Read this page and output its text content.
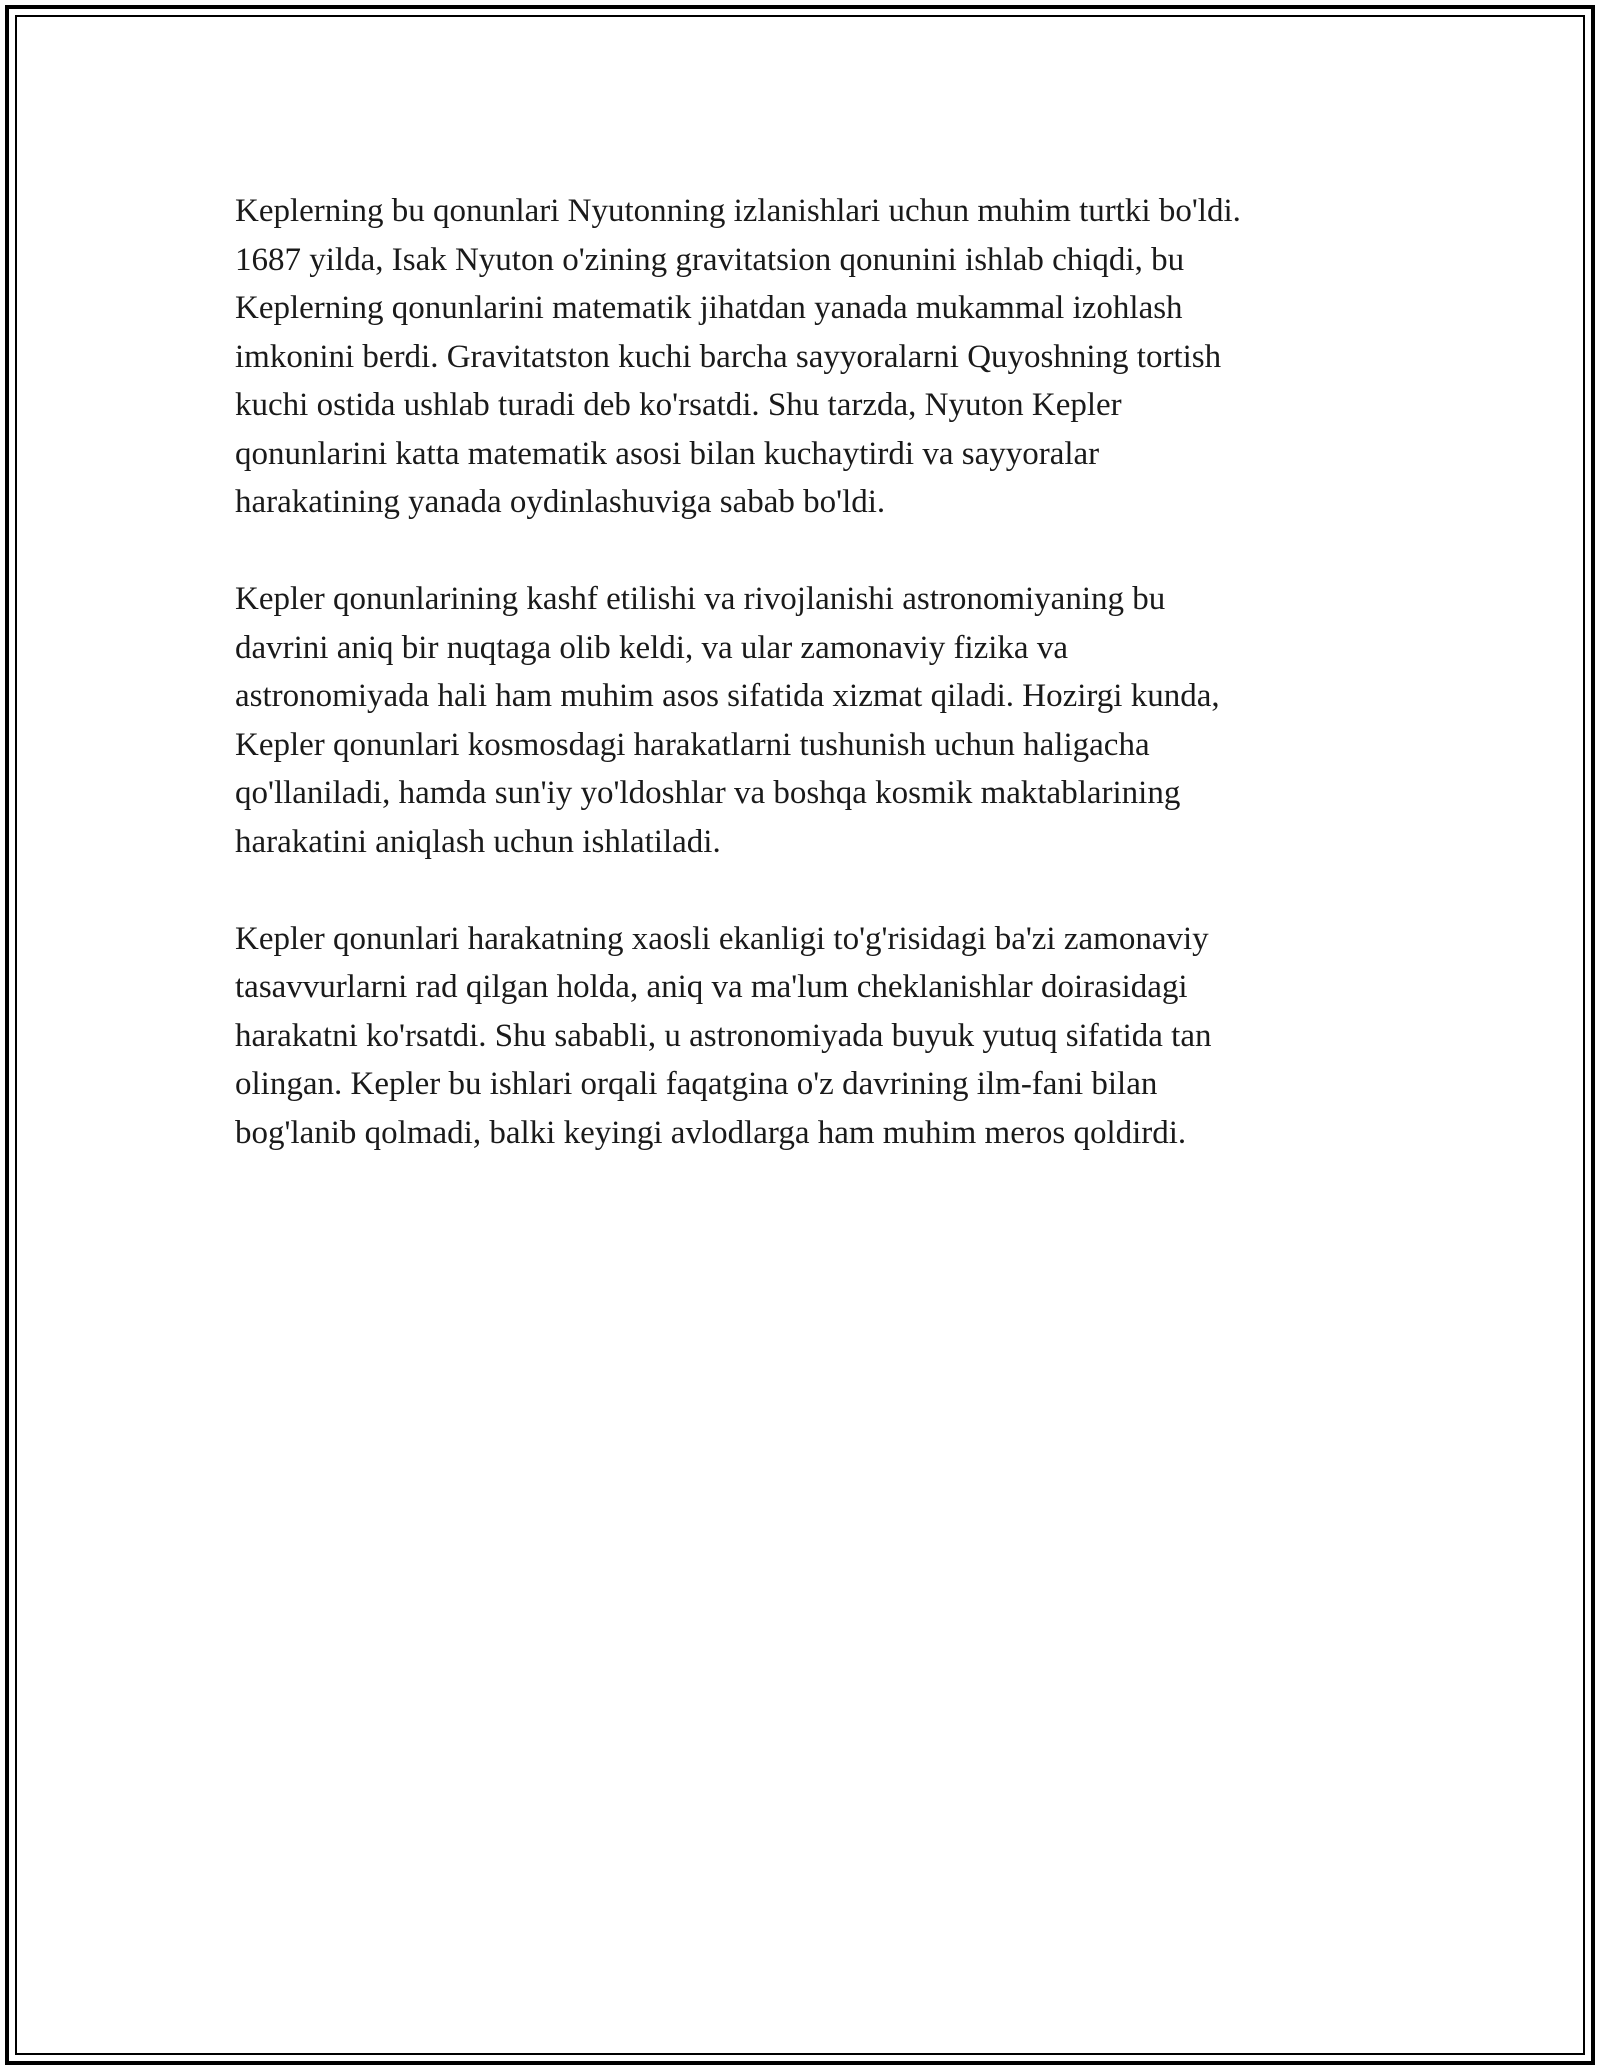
Keplerning bu qonunlari Nyutonning izlanishlari uchun muhim turtki bo'ldi.
1687 yilda, Isak Nyuton o'zining gravitatsion qonunini ishlab chiqdi, bu
Keplerning qonunlarini matematik jihatdan yanada mukammal izohlash
imkonini berdi. Gravitatston kuchi barcha sayyoralarni Quyoshning tortish
kuchi ostida ushlab turadi deb ko'rsatdi. Shu tarzda, Nyuton Kepler
qonunlarini katta matematik asosi bilan kuchaytirdi va sayyoralar
harakatining yanada oydinlashuviga sabab bo'ldi.

Kepler qonunlarining kashf etilishi va rivojlanishi astronomiyaning bu
davrini aniq bir nuqtaga olib keldi, va ular zamonaviy fizika va
astronomiyada hali ham muhim asos sifatida xizmat qiladi. Hozirgi kunda,
Kepler qonunlari kosmosdagi harakatlarni tushunish uchun haligacha
qo'llaniladi, hamda sun'iy yo'ldoshlar va boshqa kosmik maktablarining
harakatini aniqlash uchun ishlatiladi.

Kepler qonunlari harakatning xaosli ekanligi to'g'risidagi ba'zi zamonaviy
tasavvurlarni rad qilgan holda, aniq va ma'lum cheklanishlar doirasidagi
harakatni ko'rsatdi. Shu sababli, u astronomiyada buyuk yutuq sifatida tan
olingan. Kepler bu ishlari orqali faqatgina o'z davrining ilm-fani bilan
bog'lanib qolmadi, balki keyingi avlodlarga ham muhim meros qoldirdi.
